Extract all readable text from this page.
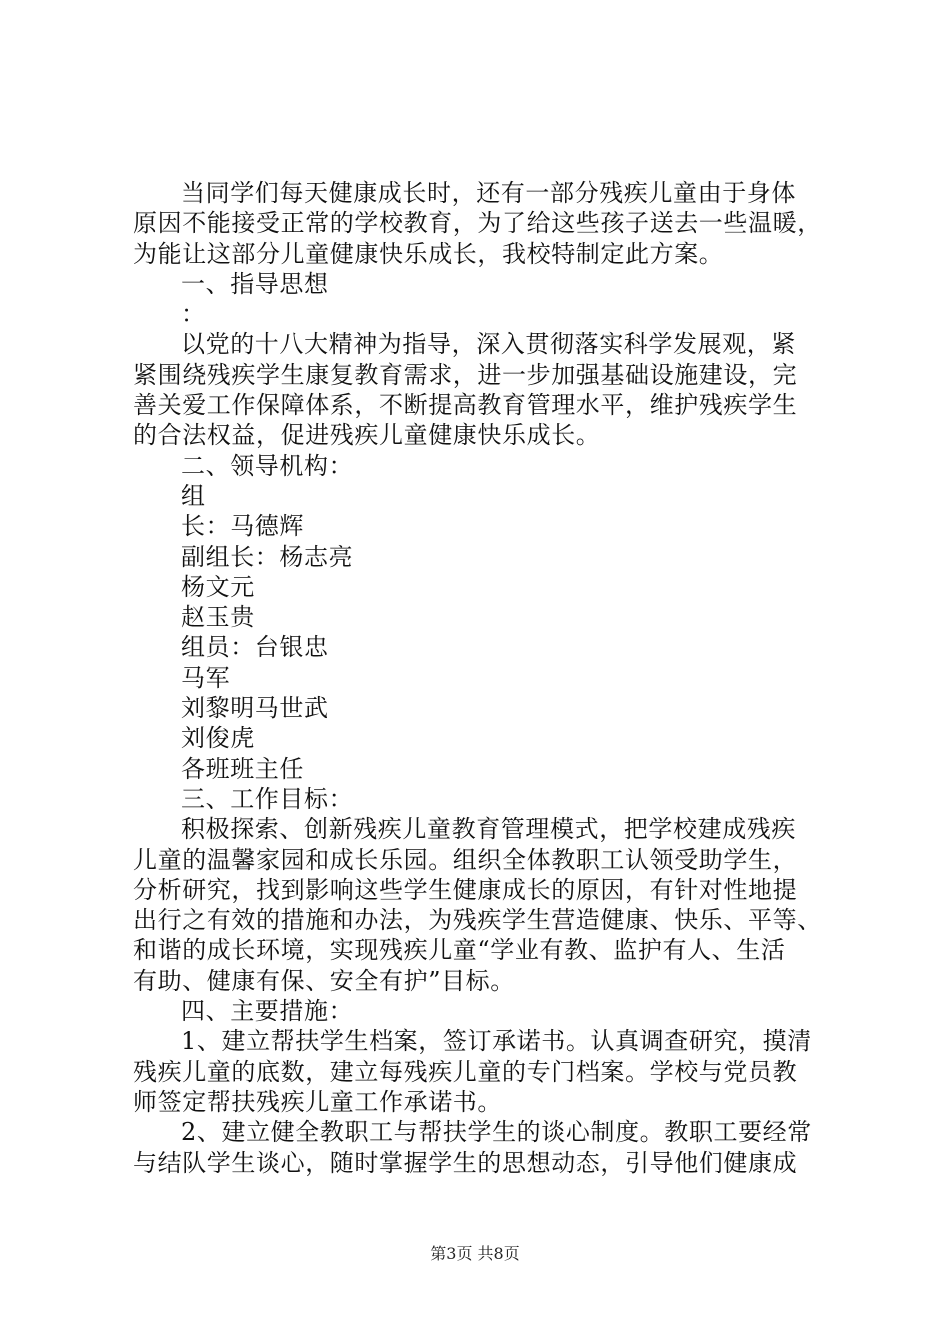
当同学们每天健康成长时，还有一部分残疾儿童由于身体
原因不能接受正常的学校教育，为了给这些孩子送去一些温暖，
为能让这部分儿童健康快乐成长，我校特制定此方案。
一、指导思想
：
以党的十八大精神为指导，深入贯彻落实科学发展观，紧
紧围绕残疾学生康复教育需求，进一步加强基础设施建设，完
善关爱工作保障体系，不断提高教育管理水平，维护残疾学生
的合法权益，促进残疾儿童健康快乐成长。
二、领导机构：
组
长：马德辉
副组长：杨志亮
杨文元
赵玉贵
组员：台银忠
马军
刘黎明马世武
刘俊虎
各班班主任
三、工作目标：
积极探索、创新残疾儿童教育管理模式，把学校建成残疾
儿童的温馨家园和成长乐园。组织全体教职工认领受助学生，
分析研究，找到影响这些学生健康成长的原因，有针对性地提
出行之有效的措施和办法，为残疾学生营造健康、快乐、平等、
和谐的成长环境，实现残疾儿童“学业有教、监护有人、生活
有助、健康有保、安全有护”目标。
四、主要措施：
1、建立帮扶学生档案，签订承诺书。认真调查研究，摸清
残疾儿童的底数，建立每残疾儿童的专门档案。学校与党员教
师签定帮扶残疾儿童工作承诺书。
2、建立健全教职工与帮扶学生的谈心制度。教职工要经常
与结队学生谈心，随时掌握学生的思想动态，引导他们健康成
第3页 共8页
